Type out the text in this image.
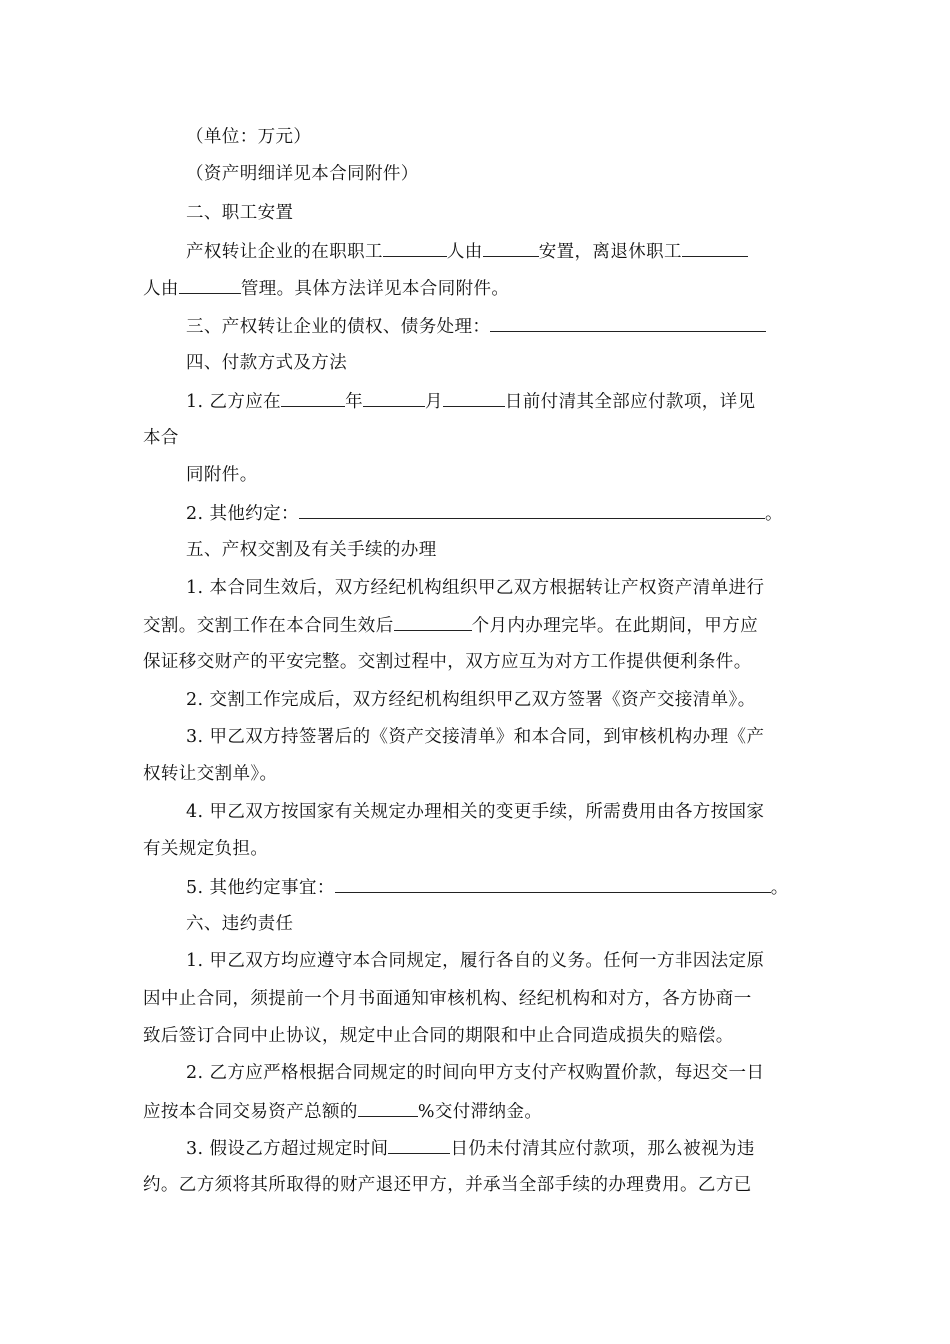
（单位：万元）
（资产明细详见本合同附件）
二、职工安置
产权转让企业的在职职工	人由	安置，离退休职工
人由	管理。具体方法详见本合同附件。
三、产权转让企业的债权、债务处理：
四、付款方式及方法
1. 乙方应在	年	月	日前付清其全部应付款项，详见
本合
同附件。
2. 其他约定：	。
五、产权交割及有关手续的办理
1. 本合同生效后，双方经纪机构组织甲乙双方根据转让产权资产清单进行
交割。交割工作在本合同生效后	个月内办理完毕。在此期间，甲方应
保证移交财产的平安完整。交割过程中，双方应互为对方工作提供便利条件。
2. 交割工作完成后，双方经纪机构组织甲乙双方签署《资产交接清单》。
3. 甲乙双方持签署后的《资产交接清单》和本合同，到审核机构办理《产
权转让交割单》。
4. 甲乙双方按国家有关规定办理相关的变更手续，所需费用由各方按国家
有关规定负担。
5. 其他约定事宜：	。
六、违约责任
1. 甲乙双方均应遵守本合同规定，履行各自的义务。任何一方非因法定原
因中止合同，须提前一个月书面通知审核机构、经纪机构和对方，各方协商一
致后签订合同中止协议，规定中止合同的期限和中止合同造成损失的赔偿。
2. 乙方应严格根据合同规定的时间向甲方支付产权购置价款，每迟交一日
应按本合同交易资产总额的	%交付滞纳金。
3. 假设乙方超过规定时间	日仍未付清其应付款项，那么被视为违
约。乙方须将其所取得的财产退还甲方，并承当全部手续的办理费用。乙方已
